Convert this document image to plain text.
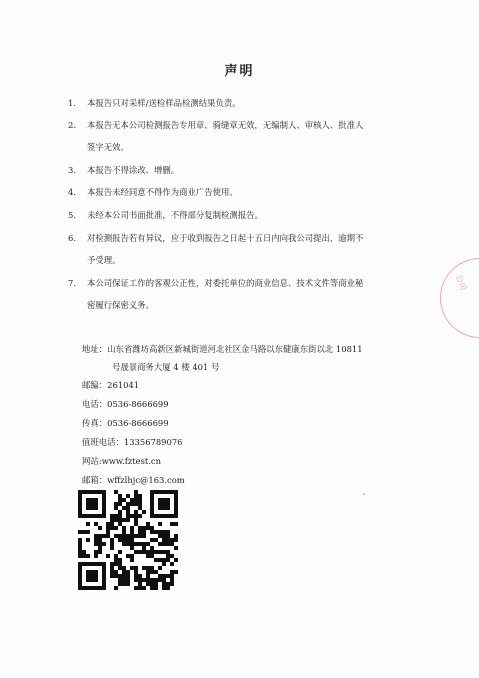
声明
1.	本报告只对采样/送检样品检测结果负责。
2.	本报告无本公司检测报告专用章、骑缝章无效，无编制人、审核人、批准人
签字无效。
3.	本报告不得涂改、增删。
4.	本报告未经同意不得作为商业广告使用。
5.	未经本公司书面批准，不得部分复制检测报告。
6.	对检测报告若有异议，应于收到报告之日起十五日内向我公司提出，逾期不
予受理。
7.	本公司保证工作的客观公正性，对委托单位的商业信息、技术文件等商业秘
密履行保密义务。
地址：山东省潍坊高新区新城街道河北社区金马路以东健康东街以北 10811
号晟景商务大厦 4 楼 401 号
邮编：261041
电话：0536-8666699
传真：0536-8666699
值班电话：13356789076
网站:www.fztest.cn
邮箱：wffzlhjc@163.com
公司
